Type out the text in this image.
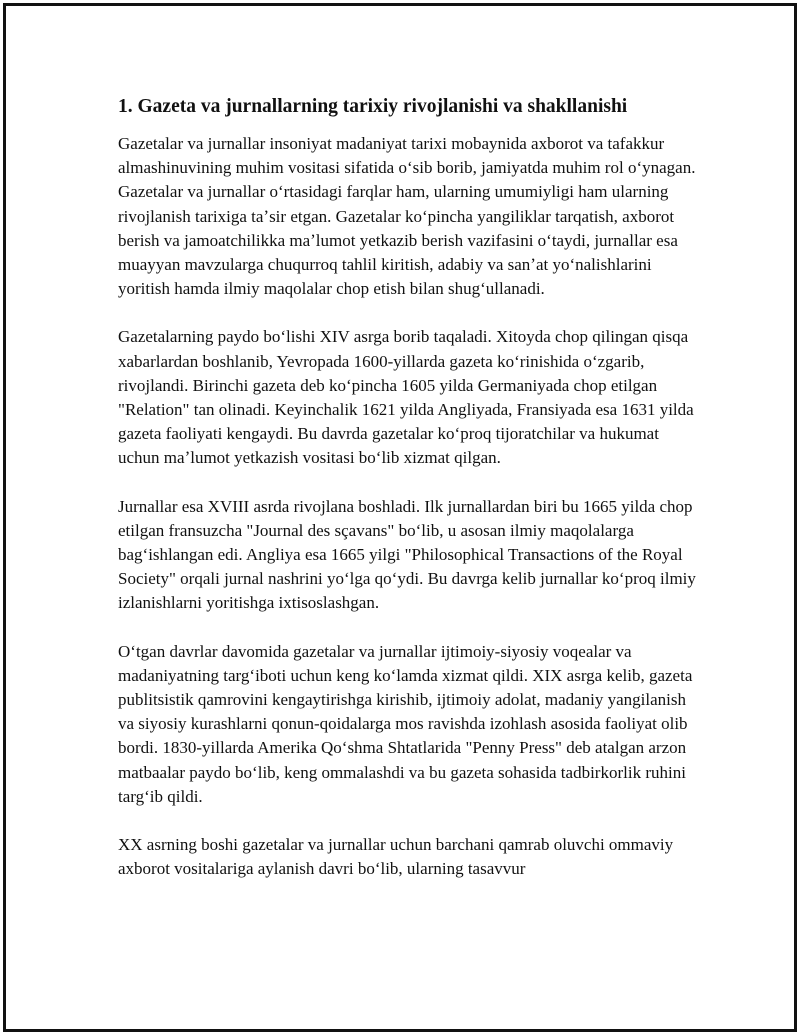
1. Gazeta va jurnallarning tarixiy rivojlanishi va shakllanishi

Gazetalar va jurnallar insoniyat madaniyat tarixi mobaynida axborot va tafakkur almashinuvining muhim vositasi sifatida oʻsib borib, jamiyatda muhim rol oʻynagan. Gazetalar va jurnallar oʻrtasidagi farqlar ham, ularning umumiyligi ham ularning rivojlanish tarixiga taʼsir etgan. Gazetalar koʻpincha yangiliklar tarqatish, axborot berish va jamoatchilikka maʼlumot yetkazib berish vazifasini oʻtaydi, jurnallar esa muayyan mavzularga chuqurroq tahlil kiritish, adabiy va sanʼat yoʻnalishlarini yoritish hamda ilmiy maqolalar chop etish bilan shugʻullanadi.

Gazetalarning paydo boʻlishi XIV asrga borib taqaladi. Xitoyda chop qilingan qisqa xabarlardan boshlanib, Yevropada 1600-yillarda gazeta koʻrinishida oʻzgarib, rivojlandi. Birinchi gazeta deb koʻpincha 1605 yilda Germaniyada chop etilgan "Relation" tan olinadi. Keyinchalik 1621 yilda Angliyada, Fransiyada esa 1631 yilda gazeta faoliyati kengaydi. Bu davrda gazetalar koʻproq tijoratchilar va hukumat uchun maʼlumot yetkazish vositasi boʻlib xizmat qilgan.

Jurnallar esa XVIII asrda rivojlana boshladi. Ilk jurnallardan biri bu 1665 yilda chop etilgan fransuzcha "Journal des sçavans" boʻlib, u asosan ilmiy maqolalarga bagʻishlangan edi. Angliya esa 1665 yilgi "Philosophical Transactions of the Royal Society" orqali jurnal nashrini yoʻlga qoʻydi. Bu davrga kelib jurnallar koʻproq ilmiy izlanishlarni yoritishga ixtisoslashgan.

Oʻtgan davrlar davomida gazetalar va jurnallar ijtimoiy-siyosiy voqealar va madaniyatning targʻiboti uchun keng koʻlamda xizmat qildi. XIX asrga kelib, gazeta publitsistik qamrovini kengaytirishga kirishib, ijtimoiy adolat, madaniy yangilanish va siyosiy kurashlarni qonun-qoidalarga mos ravishda izohlash asosida faoliyat olib bordi. 1830-yillarda Amerika Qoʻshma Shtatlarida "Penny Press" deb atalgan arzon matbaalar paydo boʻlib, keng ommalashdi va bu gazeta sohasida tadbirkorlik ruhini targʻib qildi.

XX asrning boshi gazetalar va jurnallar uchun barchani qamrab oluvchi ommaviy axborot vositalariga aylanish davri boʻlib, ularning tasavvur
